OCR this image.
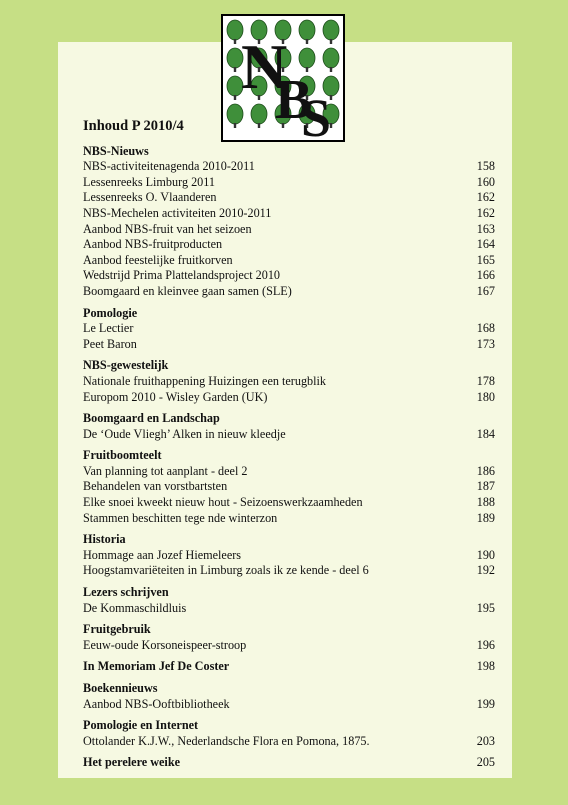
N
B
S
Inhoud P 2010/4
NBS-Nieuws
NBS-activiteitenagenda 2010-2011	158
Lessenreeks Limburg 2011	160
Lessenreeks O. Vlaanderen	162
NBS-Mechelen activiteiten 2010-2011	162
Aanbod NBS-fruit van het seizoen	163
Aanbod NBS-fruitproducten	164
Aanbod feestelijke fruitkorven	165
Wedstrijd Prima Plattelandsproject 2010	166
Boomgaard en kleinvee gaan samen (SLE)	167
Pomologie
Le Lectier	168
Peet Baron	173
NBS-gewestelijk
Nationale fruithappening Huizingen een terugblik	178
Europom 2010 - Wisley Garden (UK)	180
Boomgaard en Landschap
De ‘Oude Vliegh’ Alken in nieuw kleedje	184
Fruitboomteelt
Van planning tot aanplant - deel 2	186
Behandelen van vorstbartsten	187
Elke snoei kweekt nieuw hout - Seizoenswerkzaamheden	188
Stammen beschitten tege nde winterzon	189
Historia
Hommage aan Jozef Hiemeleers	190
Hoogstamvariëteiten in Limburg zoals ik ze kende - deel 6	192
Lezers schrijven
De Kommaschildluis	195
Fruitgebruik
Eeuw-oude Korsoneispeer-stroop	196
In Memoriam Jef De Coster	198
Boekennieuws
Aanbod NBS-Ooftbibliotheek	199
Pomologie en Internet
Ottolander K.J.W., Nederlandsche Flora en Pomona, 1875.	203
Het perelere weike	205
